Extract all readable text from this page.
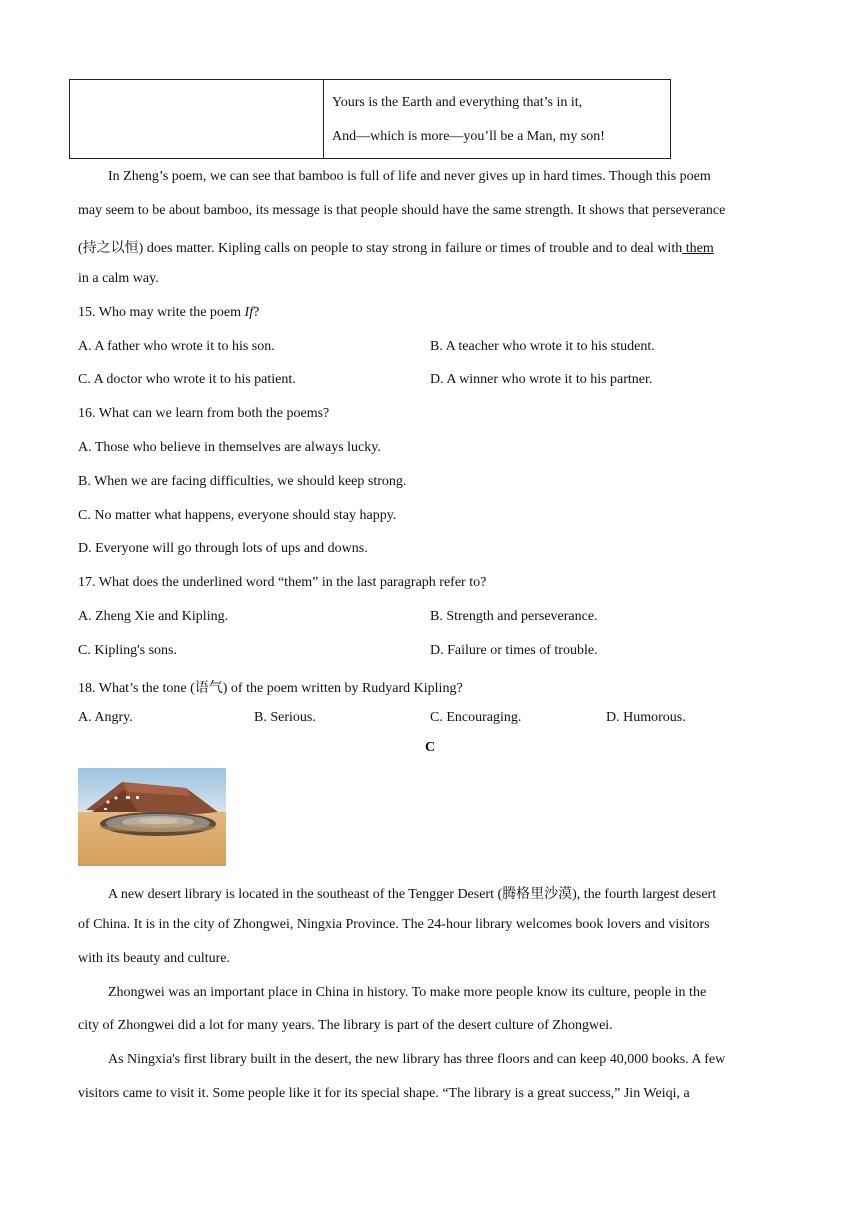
Yours is the Earth and everything that’s in it,
And—which is more—you’ll be a Man, my son!
In Zheng’s poem, we can see that bamboo is full of life and never gives up in hard times. Though this poem
may seem to be about bamboo, its message is that people should have the same strength. It shows that perseverance
(持之以恒) does matter. Kipling calls on people to stay strong in failure or times of trouble and to deal with them
in a calm way.
15. Who may write the poem If?
A. A father who wrote it to his son.	B. A teacher who wrote it to his student.
C. A doctor who wrote it to his patient.	D. A winner who wrote it to his partner.
16. What can we learn from both the poems?
A. Those who believe in themselves are always lucky.
B. When we are facing difficulties, we should keep strong.
C. No matter what happens, everyone should stay happy.
D. Everyone will go through lots of ups and downs.
17. What does the underlined word “them” in the last paragraph refer to?
A. Zheng Xie and Kipling.	B. Strength and perseverance.
C. Kipling's sons.	D. Failure or times of trouble.
18. What’s the tone (语气) of the poem written by Rudyard Kipling?
A. Angry.	B. Serious.	C. Encouraging.	D. Humorous.
C
A new desert library is located in the southeast of the Tengger Desert (腾格里沙漠), the fourth largest desert
of China. It is in the city of Zhongwei, Ningxia Province. The 24-hour library welcomes book lovers and visitors
with its beauty and culture.
Zhongwei was an important place in China in history. To make more people know its culture, people in the
city of Zhongwei did a lot for many years. The library is part of the desert culture of Zhongwei.
As Ningxia's first library built in the desert, the new library has three floors and can keep 40,000 books. A few
visitors came to visit it. Some people like it for its special shape. “The library is a great success,” Jin Weiqi, a
